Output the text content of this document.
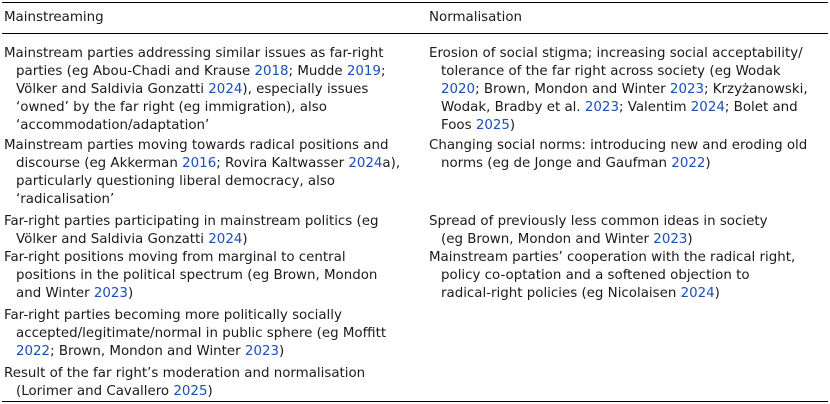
Mainstreaming	Normalisation
Mainstream parties addressing similar issues as far-right
parties (eg Abou-Chadi and Krause 2018; Mudde 2019;
Völker and Saldivia Gonzatti 2024), especially issues
‘owned’ by the far right (eg immigration), also
‘accommodation/adaptation’
Mainstream parties moving towards radical positions and
discourse (eg Akkerman 2016; Rovira Kaltwasser 2024a),
particularly questioning liberal democracy, also
‘radicalisation’
Far-right parties participating in mainstream politics (eg
Völker and Saldivia Gonzatti 2024)
Far-right positions moving from marginal to central
positions in the political spectrum (eg Brown, Mondon
and Winter 2023)
Far-right parties becoming more politically socially
accepted/legitimate/normal in public sphere (eg Moffitt
2022; Brown, Mondon and Winter 2023)
Result of the far right’s moderation and normalisation
(Lorimer and Cavallero 2025)
Erosion of social stigma; increasing social acceptability/
tolerance of the far right across society (eg Wodak
2020; Brown, Mondon and Winter 2023; Krzyżanowski,
Wodak, Bradby et al. 2023; Valentim 2024; Bolet and
Foos 2025)
Changing social norms: introducing new and eroding old
norms (eg de Jonge and Gaufman 2022)
Spread of previously less common ideas in society
(eg Brown, Mondon and Winter 2023)
Mainstream parties’ cooperation with the radical right,
policy co-optation and a softened objection to
radical-right policies (eg Nicolaisen 2024)
